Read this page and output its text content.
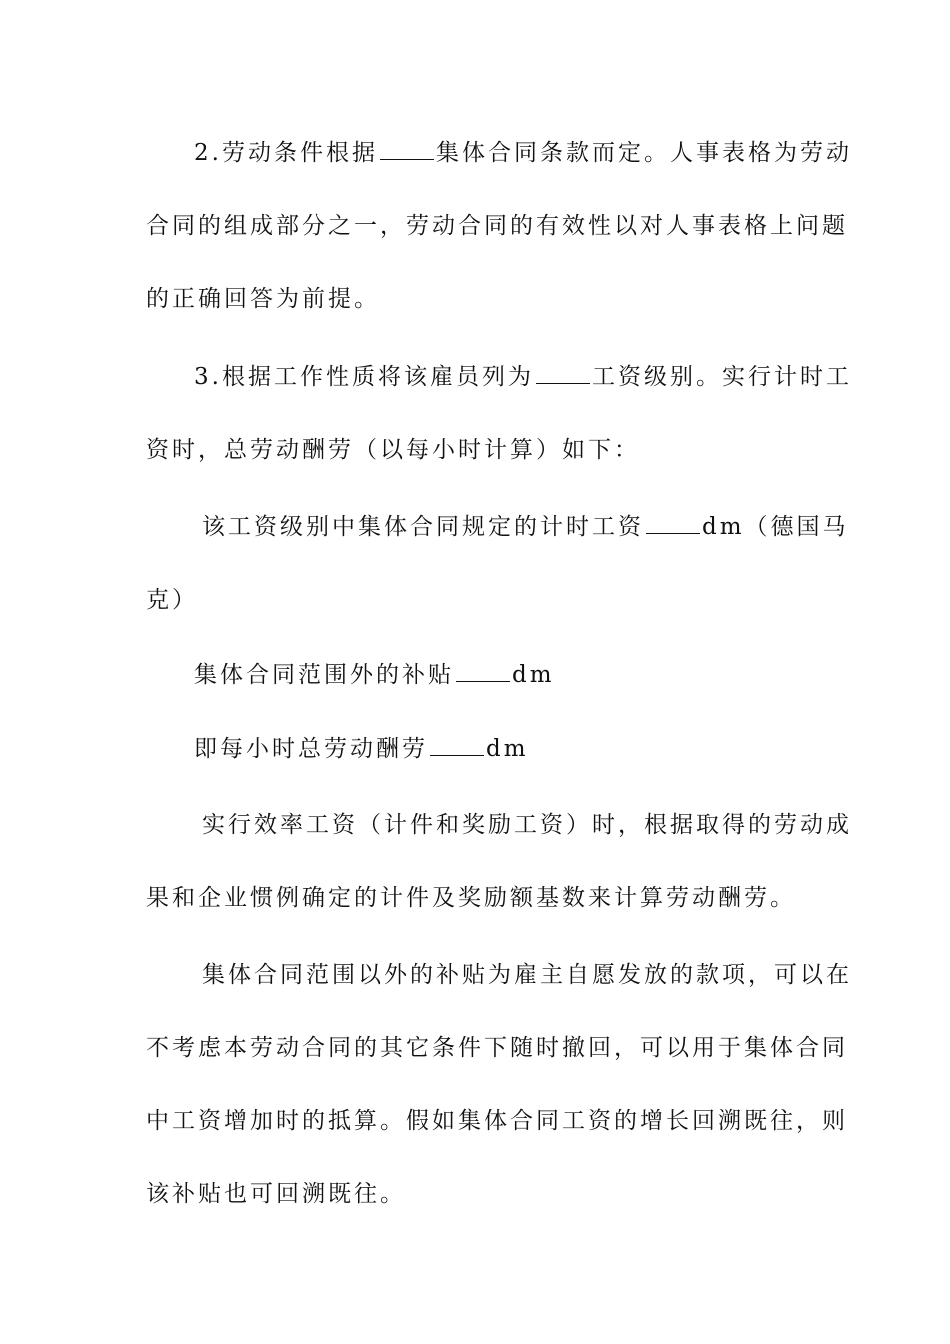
2.劳动条件根据	集体合同条款而定。人事表格为劳动
合同的组成部分之一，劳动合同的有效性以对人事表格上问题
的正确回答为前提。
3.根据工作性质将该雇员列为	工资级别。实行计时工
资时，总劳动酬劳（以每小时计算）如下：
该工资级别中集体合同规定的计时工资	dm（德国马
克）
集体合同范围外的补贴	dm
即每小时总劳动酬劳	dm
实行效率工资（计件和奖励工资）时，根据取得的劳动成
果和企业惯例确定的计件及奖励额基数来计算劳动酬劳。
集体合同范围以外的补贴为雇主自愿发放的款项，可以在
不考虑本劳动合同的其它条件下随时撤回，可以用于集体合同
中工资增加时的抵算。假如集体合同工资的增长回溯既往，则
该补贴也可回溯既往。
